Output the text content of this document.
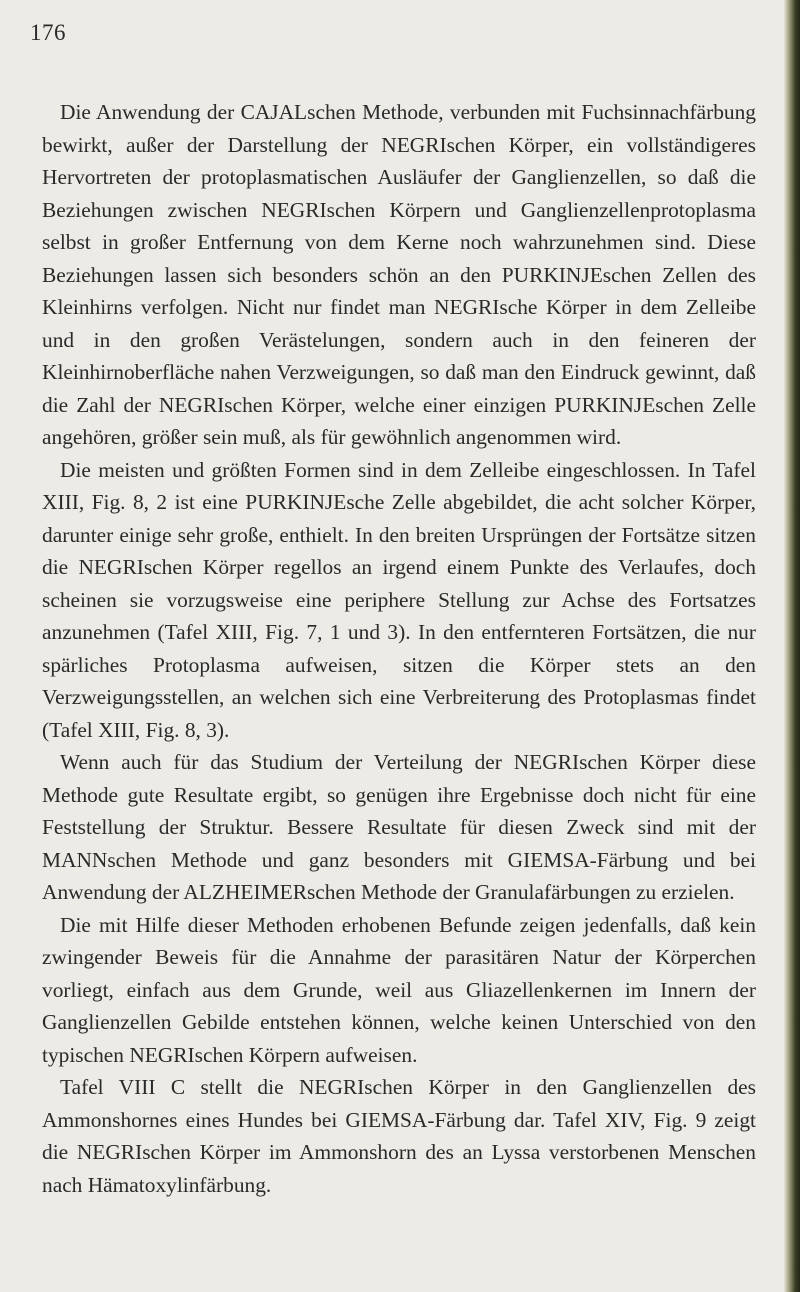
176

Die Anwendung der CAJALschen Methode, verbunden mit Fuchsinnachfärbung bewirkt, außer der Darstellung der NEGRIschen Körper, ein vollständigeres Hervortreten der protoplasmatischen Ausläufer der Ganglienzellen, so daß die Beziehungen zwischen NEGRIschen Körpern und Ganglienzellenprotoplasma selbst in großer Entfernung von dem Kerne noch wahrzunehmen sind. Diese Beziehungen lassen sich besonders schön an den PURKINJEschen Zellen des Kleinhirns verfolgen. Nicht nur findet man NEGRIsche Körper in dem Zelleibe und in den großen Verästelungen, sondern auch in den feineren der Kleinhirnoberfläche nahen Verzweigungen, so daß man den Eindruck gewinnt, daß die Zahl der NEGRIschen Körper, welche einer einzigen PURKINJEschen Zelle angehören, größer sein muß, als für gewöhnlich angenommen wird.

Die meisten und größten Formen sind in dem Zelleibe eingeschlossen. In Tafel XIII, Fig. 8, 2 ist eine PURKINJEsche Zelle abgebildet, die acht solcher Körper, darunter einige sehr große, enthielt. In den breiten Ursprüngen der Fortsätze sitzen die NEGRIschen Körper regellos an irgend einem Punkte des Verlaufes, doch scheinen sie vorzugsweise eine periphere Stellung zur Achse des Fortsatzes anzunehmen (Tafel XIII, Fig. 7, 1 und 3). In den entfernteren Fortsätzen, die nur spärliches Protoplasma aufweisen, sitzen die Körper stets an den Verzweigungsstellen, an welchen sich eine Verbreiterung des Protoplasmas findet (Tafel XIII, Fig. 8, 3).

Wenn auch für das Studium der Verteilung der NEGRIschen Körper diese Methode gute Resultate ergibt, so genügen ihre Ergebnisse doch nicht für eine Feststellung der Struktur. Bessere Resultate für diesen Zweck sind mit der MANNschen Methode und ganz besonders mit GIEMSA-Färbung und bei Anwendung der ALZHEIMERschen Methode der Granulafärbungen zu erzielen.

Die mit Hilfe dieser Methoden erhobenen Befunde zeigen jedenfalls, daß kein zwingender Beweis für die Annahme der parasitären Natur der Körperchen vorliegt, einfach aus dem Grunde, weil aus Gliazellenkernen im Innern der Ganglienzellen Gebilde entstehen können, welche keinen Unterschied von den typischen NEGRIschen Körpern aufweisen.

Tafel VIII C stellt die NEGRIschen Körper in den Ganglienzellen des Ammonshornes eines Hundes bei GIEMSA-Färbung dar. Tafel XIV, Fig. 9 zeigt die NEGRIschen Körper im Ammonshorn des an Lyssa verstorbenen Menschen nach Hämatoxylinfärbung.
